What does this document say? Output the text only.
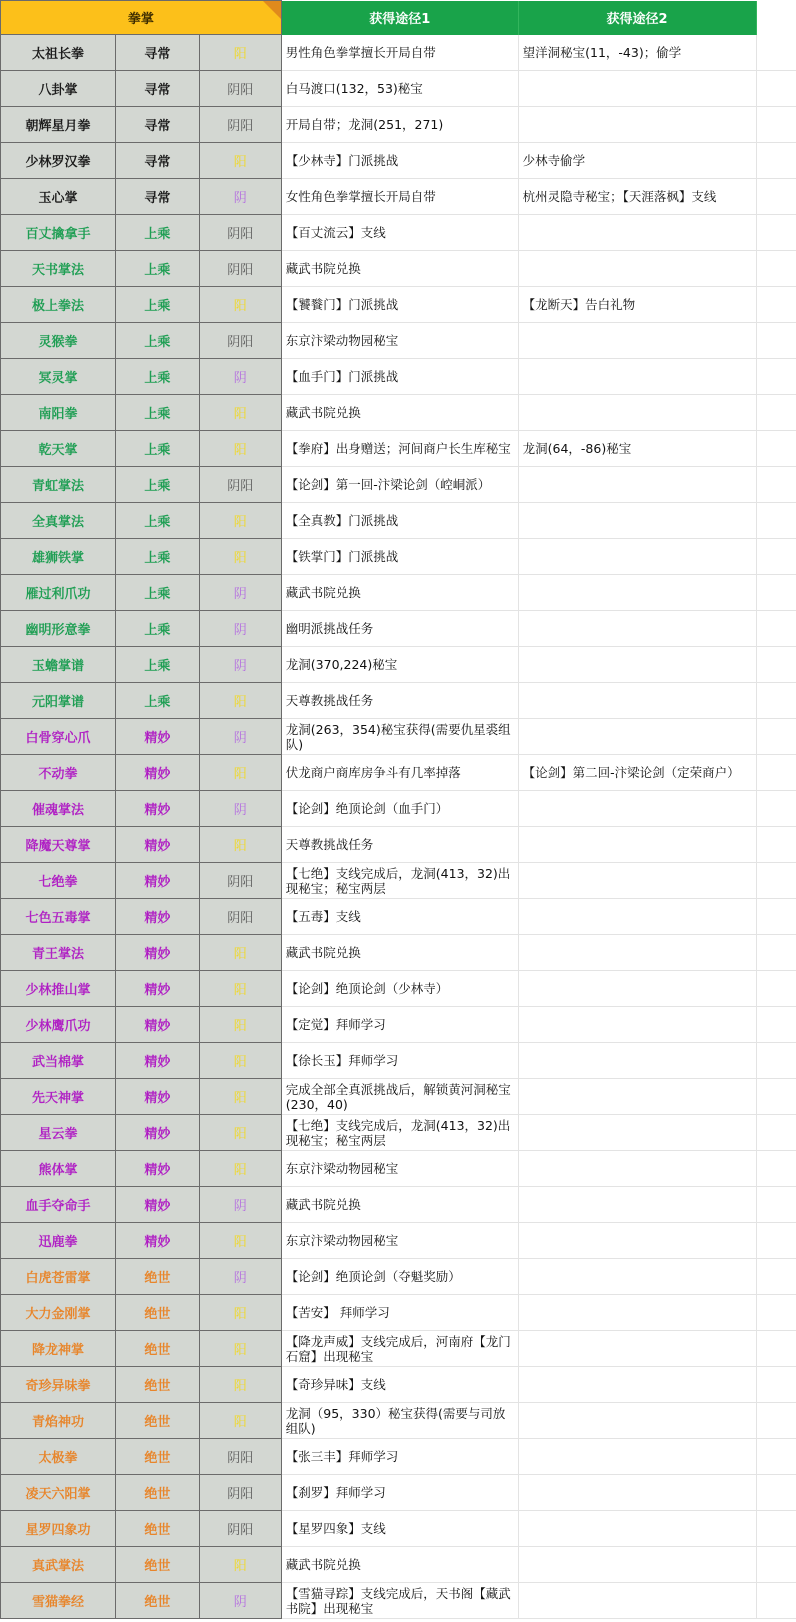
拳掌			获得途径1	获得途径2	
太祖长拳	寻常	阳	男性角色拳掌擅长开局自带	望洋洞秘宝(11，-43)；偷学	
八卦掌	寻常	阴阳	白马渡口(132，53)秘宝		
朝辉星月拳	寻常	阴阳	开局自带；龙洞(251，271)		
少林罗汉拳	寻常	阳	【少林寺】门派挑战	少林寺偷学	
玉心掌	寻常	阴	女性角色拳掌擅长开局自带	杭州灵隐寺秘宝；【天涯落枫】支线	
百丈擒拿手	上乘	阴阳	【百丈流云】支线		
天书掌法	上乘	阴阳	藏武书院兑换		
极上拳法	上乘	阳	【饕餮门】门派挑战	【龙断天】告白礼物	
灵猴拳	上乘	阴阳	东京汴梁动物园秘宝		
冥灵掌	上乘	阴	【血手门】门派挑战		
南阳拳	上乘	阳	藏武书院兑换		
乾天掌	上乘	阳	【拳府】出身赠送；河间商户长生库秘宝	龙洞(64，-86)秘宝	
青虹掌法	上乘	阴阳	【论剑】第一回-汴梁论剑（崆峒派）		
全真掌法	上乘	阳	【全真教】门派挑战		
雄狮铁掌	上乘	阳	【铁掌门】门派挑战		
雁过利爪功	上乘	阴	藏武书院兑换		
幽明形意拳	上乘	阴	幽明派挑战任务		
玉蟾掌谱	上乘	阴	龙洞(370,224)秘宝		
元阳掌谱	上乘	阳	天尊教挑战任务		
白骨穿心爪	精妙	阴	龙洞(263，354)秘宝获得(需要仇星裘组队)		
不动拳	精妙	阳	伏龙商户商库房争斗有几率掉落	【论剑】第二回-汴梁论剑（定荣商户）	
催魂掌法	精妙	阴	【论剑】绝顶论剑（血手门）		
降魔天尊掌	精妙	阳	天尊教挑战任务		
七绝拳	精妙	阴阳	【七绝】支线完成后，龙洞(413，32)出现秘宝；秘宝两层		
七色五毒掌	精妙	阴阳	【五毒】支线		
青王掌法	精妙	阳	藏武书院兑换		
少林推山掌	精妙	阳	【论剑】绝顶论剑（少林寺）		
少林鹰爪功	精妙	阳	【定觉】拜师学习		
武当棉掌	精妙	阳	【徐长玉】拜师学习		
先天神掌	精妙	阳	完成全部全真派挑战后，解锁黄河洞秘宝(230，40)		
星云拳	精妙	阳	【七绝】支线完成后，龙洞(413，32)出现秘宝；秘宝两层		
熊体掌	精妙	阳	东京汴梁动物园秘宝		
血手夺命手	精妙	阴	藏武书院兑换		
迅鹿拳	精妙	阳	东京汴梁动物园秘宝		
白虎苍雷掌	绝世	阴	【论剑】绝顶论剑（夺魁奖励）		
大力金刚掌	绝世	阳	【苦安】 拜师学习		
降龙神掌	绝世	阳	【降龙声威】支线完成后，河南府【龙门石窟】出现秘宝		
奇珍异味拳	绝世	阳	【奇珍异味】支线		
青焰神功	绝世	阳	龙洞（95，330）秘宝获得(需要与司放组队)		
太极拳	绝世	阴阳	【张三丰】拜师学习		
凌天六阳掌	绝世	阴阳	【刹罗】拜师学习		
星罗四象功	绝世	阴阳	【星罗四象】支线		
真武掌法	绝世	阳	藏武书院兑换		
雪猫拳经	绝世	阴	【雪猫寻踪】支线完成后，天书阁【藏武书院】出现秘宝		
